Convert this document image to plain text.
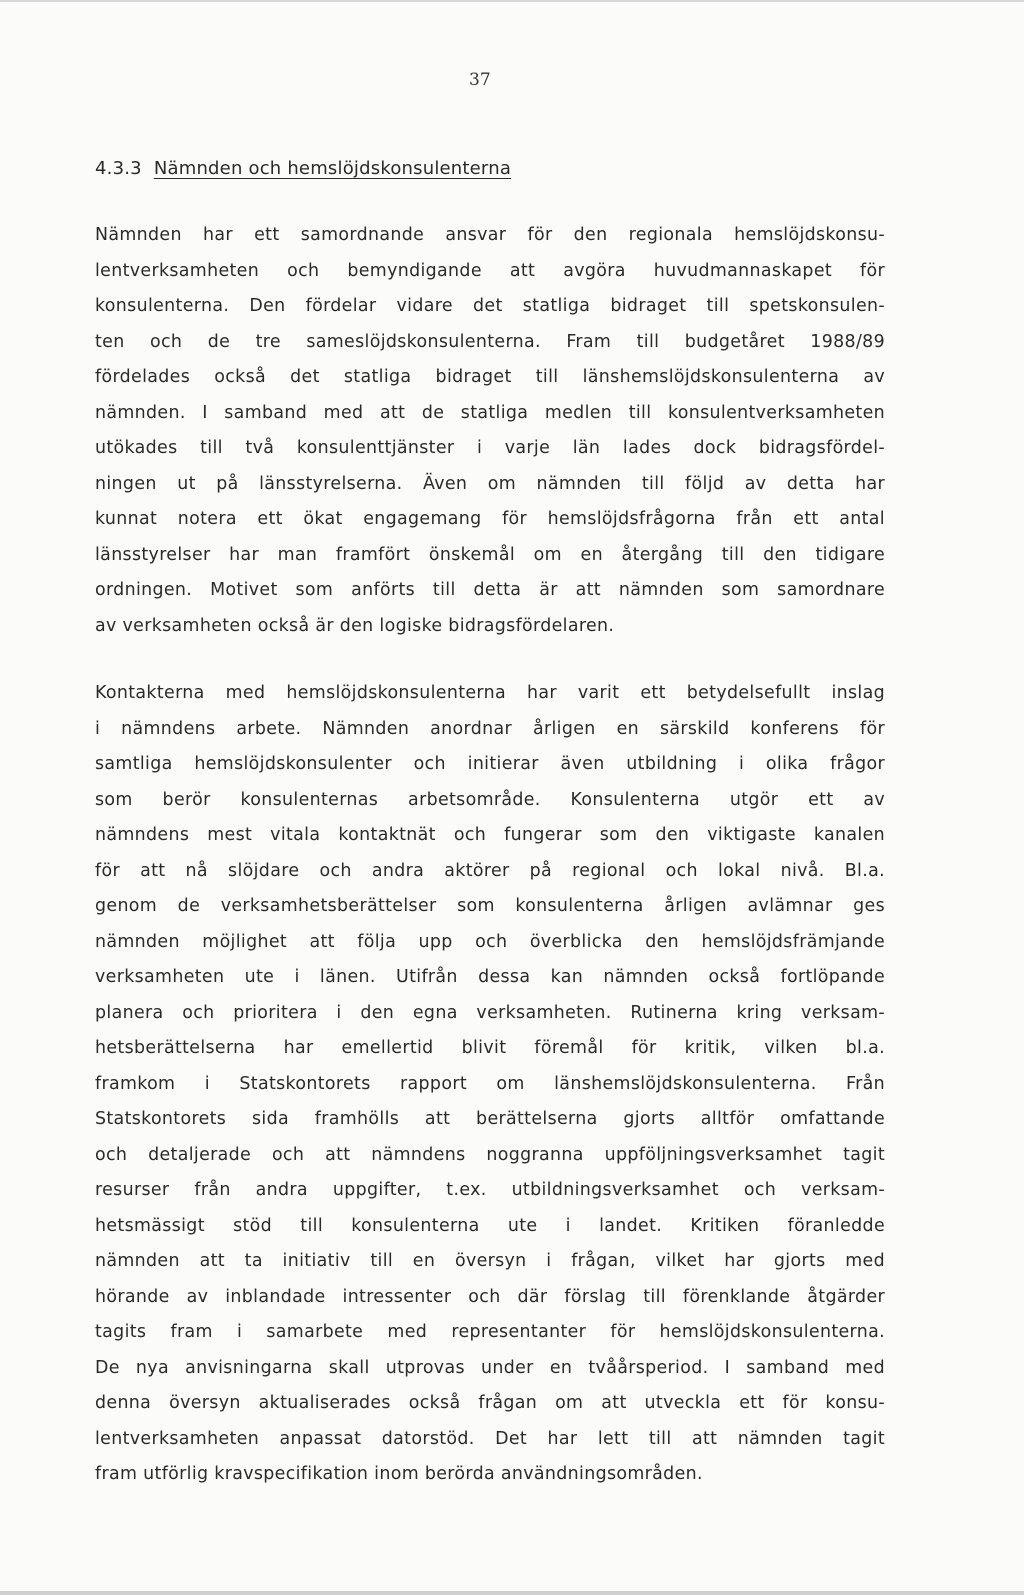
37
4.3.3 Nämnden och hemslöjdskonsulenterna
Nämnden har ett samordnande ansvar för den regionala hemslöjdskonsu-
lentverksamheten och bemyndigande att avgöra huvudmannaskapet för
konsulenterna. Den fördelar vidare det statliga bidraget till spetskonsulen-
ten och de tre sameslöjdskonsulenterna. Fram till budgetåret 1988/89
fördelades också det statliga bidraget till länshemslöjdskonsulenterna av
nämnden. I samband med att de statliga medlen till konsulentverksamheten
utökades till två konsulenttjänster i varje län lades dock bidragsfördel-
ningen ut på länsstyrelserna. Även om nämnden till följd av detta har
kunnat notera ett ökat engagemang för hemslöjdsfrågorna från ett antal
länsstyrelser har man framfört önskemål om en återgång till den tidigare
ordningen. Motivet som anförts till detta är att nämnden som samordnare
av verksamheten också är den logiske bidragsfördelaren.
Kontakterna med hemslöjdskonsulenterna har varit ett betydelsefullt inslag
i nämndens arbete. Nämnden anordnar årligen en särskild konferens för
samtliga hemslöjdskonsulenter och initierar även utbildning i olika frågor
som berör konsulenternas arbetsområde. Konsulenterna utgör ett av
nämndens mest vitala kontaktnät och fungerar som den viktigaste kanalen
för att nå slöjdare och andra aktörer på regional och lokal nivå. Bl.a.
genom de verksamhetsberättelser som konsulenterna årligen avlämnar ges
nämnden möjlighet att följa upp och överblicka den hemslöjdsfrämjande
verksamheten ute i länen. Utifrån dessa kan nämnden också fortlöpande
planera och prioritera i den egna verksamheten. Rutinerna kring verksam-
hetsberättelserna har emellertid blivit föremål för kritik, vilken bl.a.
framkom i Statskontorets rapport om länshemslöjdskonsulenterna. Från
Statskontorets sida framhölls att berättelserna gjorts alltför omfattande
och detaljerade och att nämndens noggranna uppföljningsverksamhet tagit
resurser från andra uppgifter, t.ex. utbildningsverksamhet och verksam-
hetsmässigt stöd till konsulenterna ute i landet. Kritiken föranledde
nämnden att ta initiativ till en översyn i frågan, vilket har gjorts med
hörande av inblandade intressenter och där förslag till förenklande åtgärder
tagits fram i samarbete med representanter för hemslöjdskonsulenterna.
De nya anvisningarna skall utprovas under en tvåårsperiod. I samband med
denna översyn aktualiserades också frågan om att utveckla ett för konsu-
lentverksamheten anpassat datorstöd. Det har lett till att nämnden tagit
fram utförlig kravspecifikation inom berörda användningsområden.
